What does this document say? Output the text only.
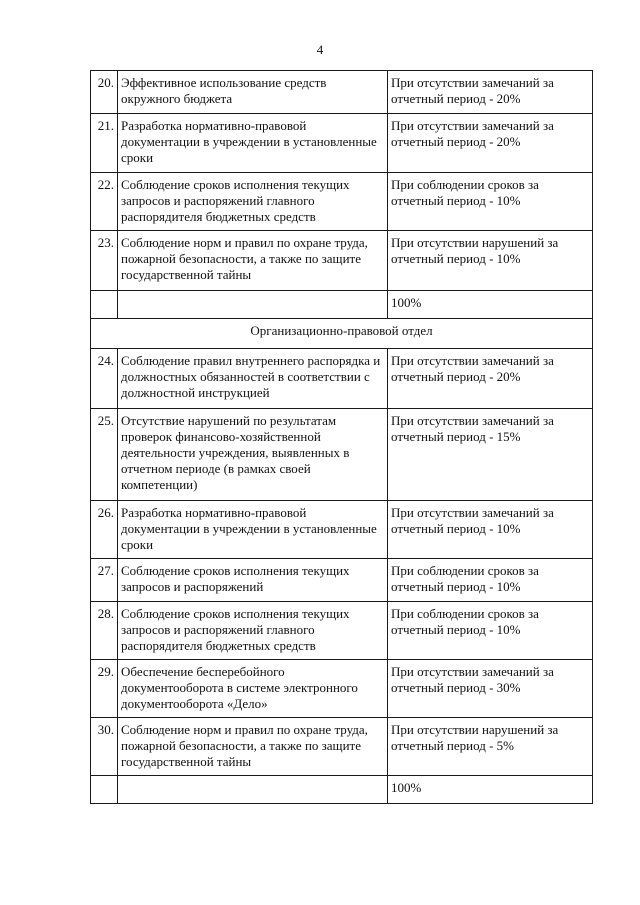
4
20.	Эффективное использование средств окружного бюджета	При отсутствии замечаний за отчетный период - 20%
21.	Разработка нормативно-правовой документации в учреждении в установленные сроки	При отсутствии замечаний за отчетный период - 20%
22.	Соблюдение сроков исполнения текущих запросов и распоряжений главного распорядителя бюджетных средств	При соблюдении сроков за отчетный период - 10%
23.	Соблюдение норм и правил по охране труда, пожарной безопасности, а также по защите государственной тайны	При отсутствии нарушений за отчетный период - 10%
		100%
Организационно-правовой отдел		
24.	Соблюдение правил внутреннего распорядка и должностных обязанностей в соответствии с должностной инструкцией	При отсутствии замечаний за отчетный период - 20%
25.	Отсутствие нарушений по результатам проверок финансово-хозяйственной деятельности учреждения, выявленных в отчетном периоде (в рамках своей компетенции)	При отсутствии замечаний за отчетный период - 15%
26.	Разработка нормативно-правовой документации в учреждении в установленные сроки	При отсутствии замечаний за отчетный период - 10%
27.	Соблюдение сроков исполнения текущих запросов и распоряжений	При соблюдении сроков за отчетный период - 10%
28.	Соблюдение сроков исполнения текущих запросов и распоряжений главного распорядителя бюджетных средств	При соблюдении сроков за отчетный период - 10%
29.	Обеспечение бесперебойного документооборота в системе электронного документооборота «Дело»	При отсутствии замечаний за отчетный период - 30%
30.	Соблюдение норм и правил по охране труда, пожарной безопасности, а также по защите государственной тайны	При отсутствии нарушений за отчетный период - 5%
		100%
